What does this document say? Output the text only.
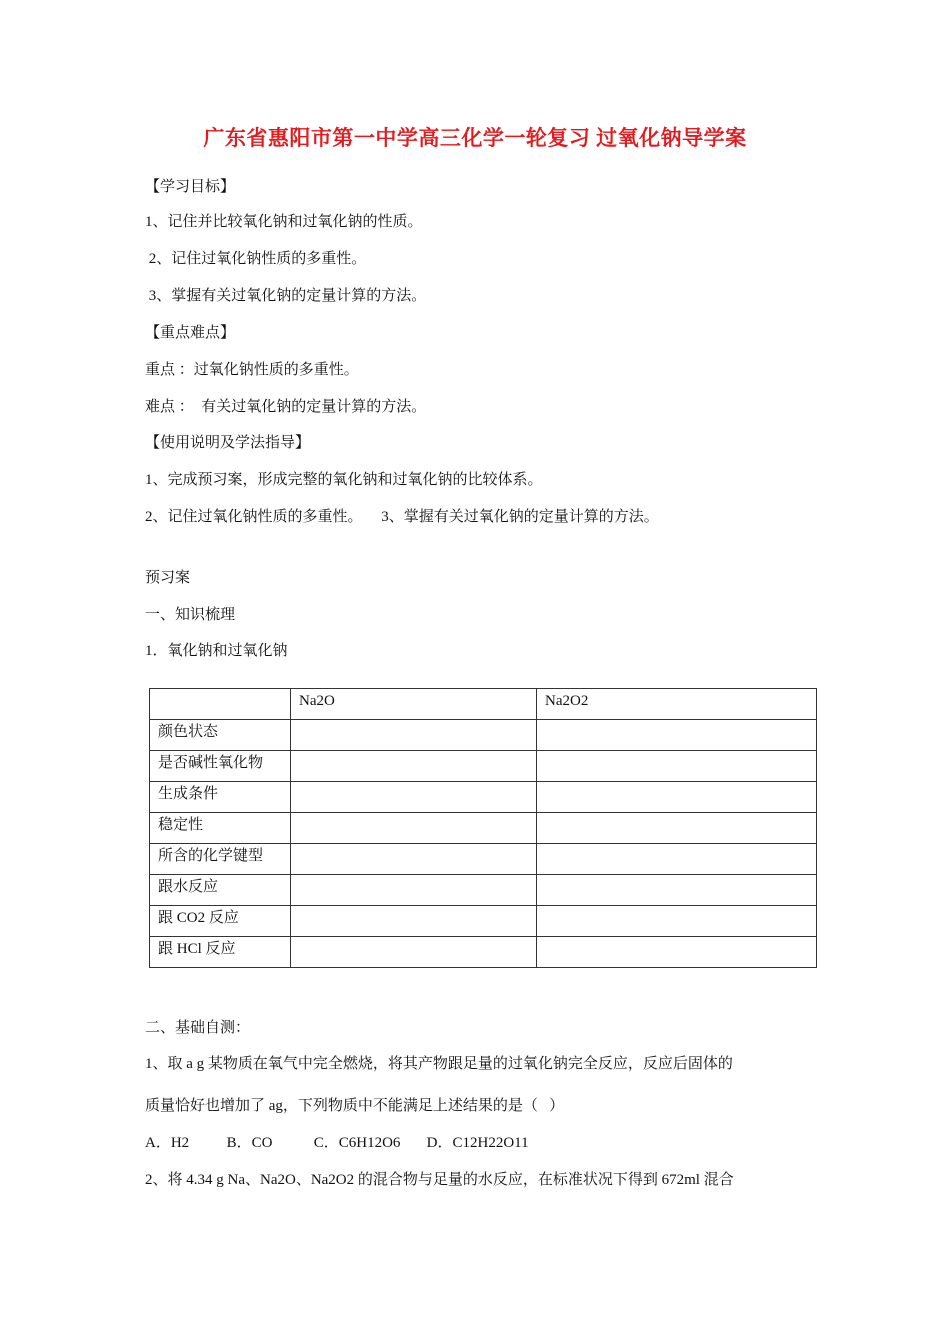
广东省惠阳市第一中学高三化学一轮复习 过氧化钠导学案
【学习目标】
1、记住并比较氧化钠和过氧化钠的性质。
2、记住过氧化钠性质的多重性。
3、掌握有关过氧化钠的定量计算的方法。
【重点难点】
重点 ：过氧化钠性质的多重性。
难点 ：  有关过氧化钠的定量计算的方法。
【使用说明及学法指导】
1、完成预习案，形成完整的氧化钠和过氧化钠的比较体系。
2、记住过氧化钠性质的多重性。     3、掌握有关过氧化钠的定量计算的方法。
预习案
一、知识梳理
1．氧化钠和过氧化钠
	Na2O	Na2O2
颜色状态		
是否碱性氧化物		
生成条件		
稳定性		
所含的化学键型		
跟水反应		
跟 CO2 反应		
跟 HCl 反应		
二、基础自测：
1、取 a g 某物质在氧气中完全燃烧，将其产物跟足量的过氧化钠完全反应，反应后固体的
质量恰好也增加了 ag，下列物质中不能满足上述结果的是（   ）
A．H2          B．CO           C．C6H12O6       D．C12H22O11
2、将 4.34 g Na、Na2O、Na2O2 的混合物与足量的水反应，在标准状况下得到 672ml 混合
